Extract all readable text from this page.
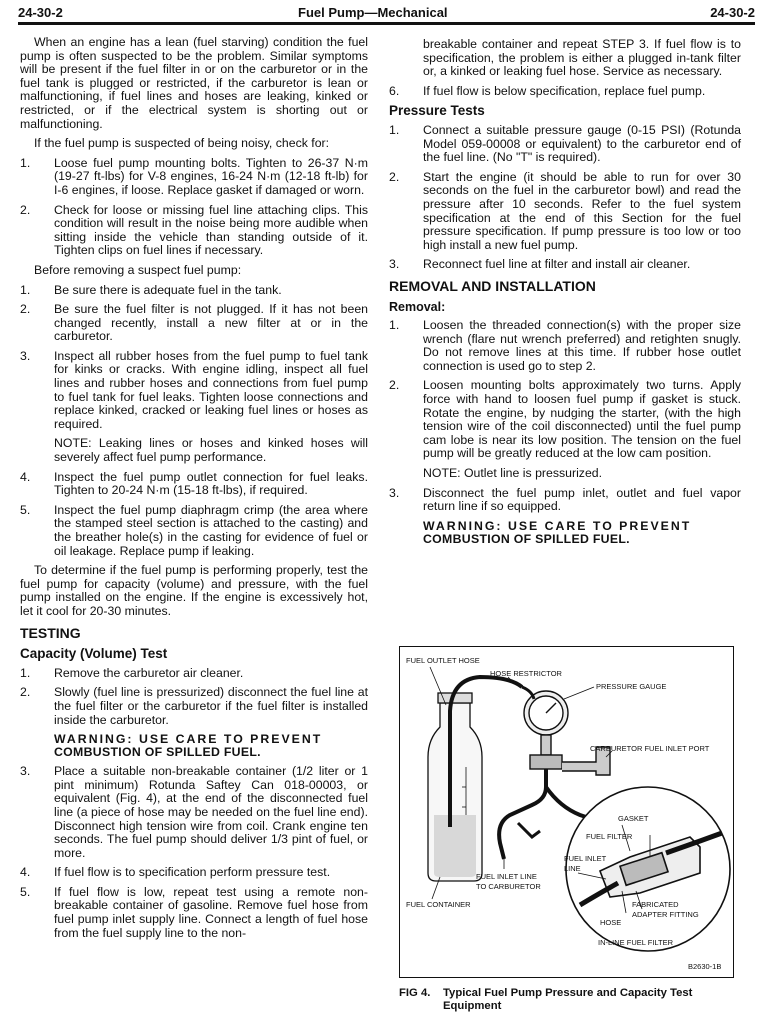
24-30-2	Fuel Pump—Mechanical	24-30-2

When an engine has a lean (fuel starving) condition the fuel pump is often suspected to be the problem. Similar symptoms will be present if the fuel filter in or on the carburetor or in the fuel tank is plugged or restricted, if the carburetor is lean or malfunctioning, if fuel lines and hoses are leaking, kinked or restricted, or if the electrical system is shorting out or malfunctioning.

If the fuel pump is suspected of being noisy, check for:

1. Loose fuel pump mounting bolts. Tighten to 26-37 N·m (19-27 ft-lbs) for V-8 engines, 16-24 N·m (12-18 ft-lb) for I-6 engines, if loose. Replace gasket if damaged or worn.
2. Check for loose or missing fuel line attaching clips. This condition will result in the noise being more audible when sitting inside the vehicle than standing outside of it. Tighten clips on fuel lines if necessary.

Before removing a suspect fuel pump:

1. Be sure there is adequate fuel in the tank.
2. Be sure the fuel filter is not plugged. If it has not been changed recently, install a new filter at or in the carburetor.
3. Inspect all rubber hoses from the fuel pump to fuel tank for kinks or cracks. With engine idling, inspect all fuel lines and rubber hoses and connections from fuel pump to fuel tank for fuel leaks. Tighten loose connections and replace kinked, cracked or leaking fuel lines or hoses as required.

NOTE: Leaking lines or hoses and kinked hoses will severely affect fuel pump performance.

4. Inspect the fuel pump outlet connection for fuel leaks. Tighten to 20-24 N·m (15-18 ft-lbs), if required.
5. Inspect the fuel pump diaphragm crimp (the area where the stamped steel section is attached to the casting) and the breather hole(s) in the casting for evidence of fuel or oil leakage. Replace pump if leaking.

To determine if the fuel pump is performing properly, test the fuel pump for capacity (volume) and pressure, with the fuel pump installed on the engine. If the engine is excessively hot, let it cool for 20-30 minutes.

TESTING
Capacity (Volume) Test
1. Remove the carburetor air cleaner.
2. Slowly (fuel line is pressurized) disconnect the fuel line at the fuel filter or the carburetor if the fuel filter is installed inside the carburetor.
WARNING: USE CARE TO PREVENT
COMBUSTION OF SPILLED FUEL.
3. Place a suitable non-breakable container (1/2 liter or 1 pint minimum) Rotunda Saftey Can 018-00003, or equivalent (Fig. 4), at the end of the disconnected fuel line (a piece of hose may be needed on the fuel line end). Disconnect high tension wire from coil. Crank engine ten seconds. The fuel pump should deliver 1/3 pint of fuel, or more.
4. If fuel flow is to specification perform pressure test.
5. If fuel flow is low, repeat test using a remote non-breakable container of gasoline. Remove fuel hose from fuel pump inlet supply line. Connect a length of fuel hose from the fuel supply line to the non-

breakable container and repeat STEP 3. If fuel flow is to specification, the problem is either a plugged in-tank filter or, a kinked or leaking fuel hose. Service as necessary.

6. If fuel flow is below specification, replace fuel pump.
Pressure Tests
1. Connect a suitable pressure gauge (0-15 PSI) (Rotunda Model 059-00008 or equivalent) to the carburetor end of the fuel line. (No "T" is required).
2. Start the engine (it should be able to run for over 30 seconds on the fuel in the carburetor bowl) and read the pressure after 10 seconds. Refer to the fuel system specification at the end of this Section for the fuel pressure specification. If pump pressure is too low or too high install a new fuel pump.
3. Reconnect fuel line at filter and install air cleaner.
REMOVAL AND INSTALLATION
Removal:
1. Loosen the threaded connection(s) with the proper size wrench (flare nut wrench preferred) and retighten snugly. Do not remove lines at this time. If rubber hose outlet connection is used go to step 2.
2. Loosen mounting bolts approximately two turns. Apply force with hand to loosen fuel pump if gasket is stuck. Rotate the engine, by nudging the starter, (with the high tension wire of the coil disconnected) until the fuel pump cam lobe is near its low position. The tension on the fuel pump will be greatly reduced at the low cam position.

NOTE: Outlet line is pressurized.

3. Disconnect the fuel pump inlet, outlet and fuel vapor return line if so equipped.
WARNING: USE CARE TO PREVENT
COMBUSTION OF SPILLED FUEL.
FUEL OUTLET HOSE
HOSE RESTRICTOR
PRESSURE GAUGE
CARBURETOR FUEL INLET PORT
GASKET
FUEL FILTER
FUEL INLET
LINE
FUEL INLET LINE
TO CARBURETOR
FUEL CONTAINER
HOSE
FABRICATED
ADAPTER FITTING
IN-LINE FUEL FILTER
B2630-1B
FIG 4.	Typical Fuel Pump Pressure and Capacity Test Equipment
